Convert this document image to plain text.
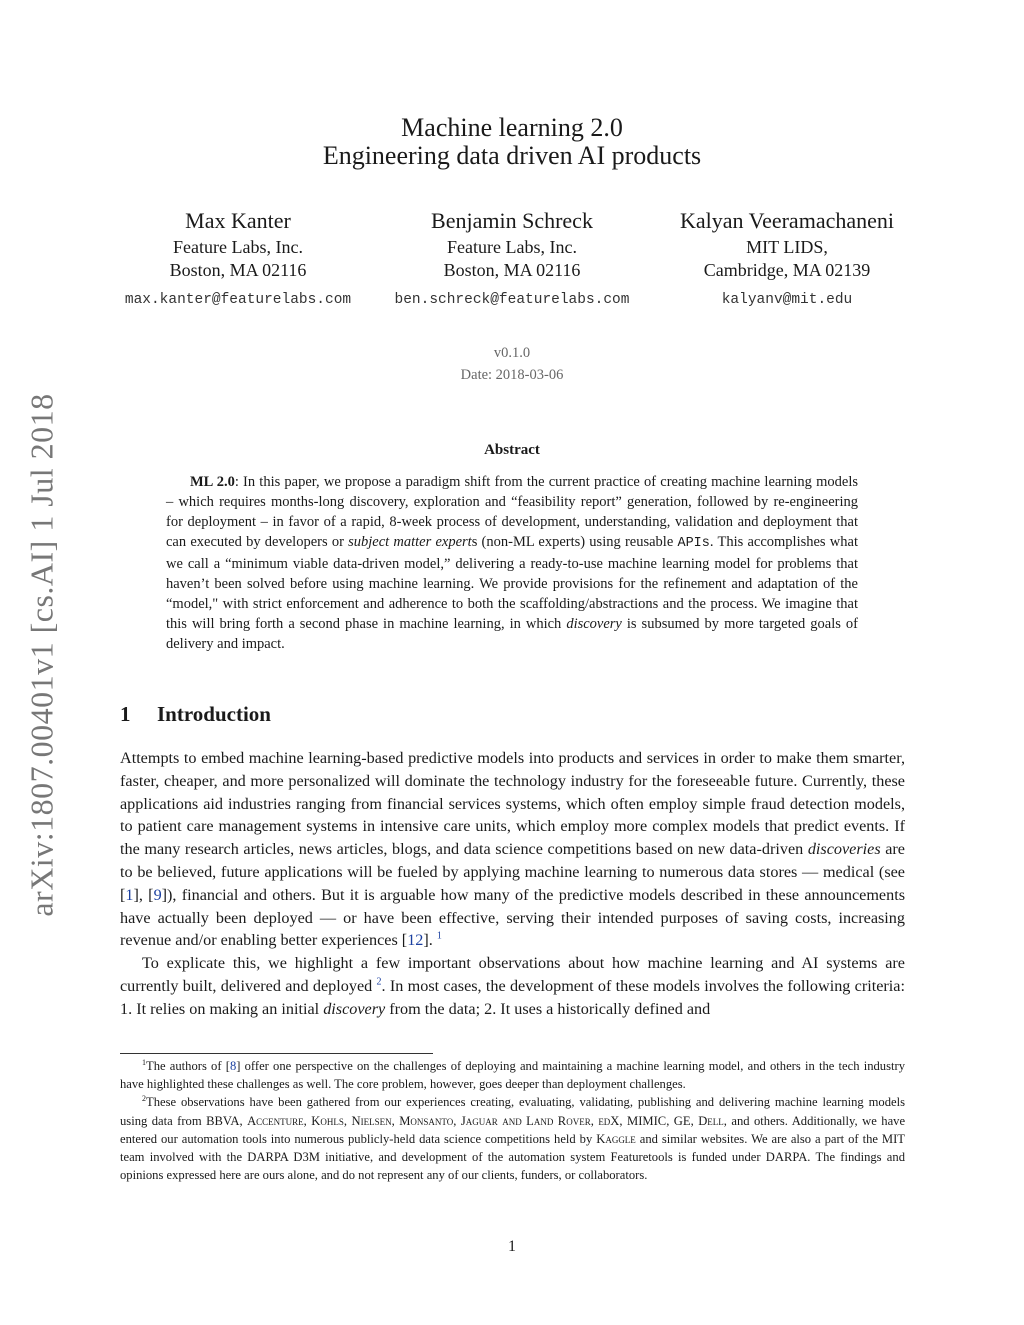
arXiv:1807.00401v1 [cs.AI] 1 Jul 2018
Machine learning 2.0
Engineering data driven AI products
Max Kanter
Feature Labs, Inc.
Boston, MA 02116
max.kanter@featurelabs.com
Benjamin Schreck
Feature Labs, Inc.
Boston, MA 02116
ben.schreck@featurelabs.com
Kalyan Veeramachaneni
MIT LIDS,
Cambridge, MA 02139
kalyanv@mit.edu
v0.1.0
Date: 2018-03-06
Abstract
ML 2.0: In this paper, we propose a paradigm shift from the current practice of creating machine learning models – which requires months-long discovery, exploration and “feasibility report” generation, followed by re-engineering for deployment – in favor of a rapid, 8-week process of development, understanding, validation and deployment that can executed by developers or subject matter experts (non-ML experts) using reusable APIs. This accomplishes what we call a “minimum viable data-driven model,” delivering a ready-to-use machine learning model for problems that haven’t been solved before using machine learning. We provide provisions for the refinement and adaptation of the “model," with strict enforcement and adherence to both the scaffolding/abstractions and the process. We imagine that this will bring forth a second phase in machine learning, in which discovery is subsumed by more targeted goals of delivery and impact.
1 Introduction

Attempts to embed machine learning-based predictive models into products and services in order to make them smarter, faster, cheaper, and more personalized will dominate the technology industry for the foreseeable future. Currently, these applications aid industries ranging from financial services systems, which often employ simple fraud detection models, to patient care management systems in intensive care units, which employ more complex models that predict events. If the many research articles, news articles, blogs, and data science competitions based on new data-driven discoveries are to be believed, future applications will be fueled by applying machine learning to numerous data stores — medical (see [1], [9]), financial and others. But it is arguable how many of the predictive models described in these announcements have actually been deployed — or have been effective, serving their intended purposes of saving costs, increasing revenue and/or enabling better experiences [12]. $^1$

To explicate this, we highlight a few important observations about how machine learning and AI systems are currently built, delivered and deployed $^2$. In most cases, the development of these models involves the following criteria: 1. It relies on making an initial discovery from the data; 2. It uses a historically defined and

$^1$The authors of [8] offer one perspective on the challenges of deploying and maintaining a machine learning model, and others in the tech industry have highlighted these challenges as well. The core problem, however, goes deeper than deployment challenges.

$^2$These observations have been gathered from our experiences creating, evaluating, validating, publishing and delivering machine learning models using data from BBVA, Accenture, Kohls, Nielsen, Monsanto, Jaguar and Land Rover, edX, MIMIC, GE, Dell, and others. Additionally, we have entered our automation tools into numerous publicly-held data science competitions held by Kaggle and similar websites. We are also a part of the MIT team involved with the DARPA D3M initiative, and development of the automation system Featuretools is funded under DARPA. The findings and opinions expressed here are ours alone, and do not represent any of our clients, funders, or collaborators.

1
